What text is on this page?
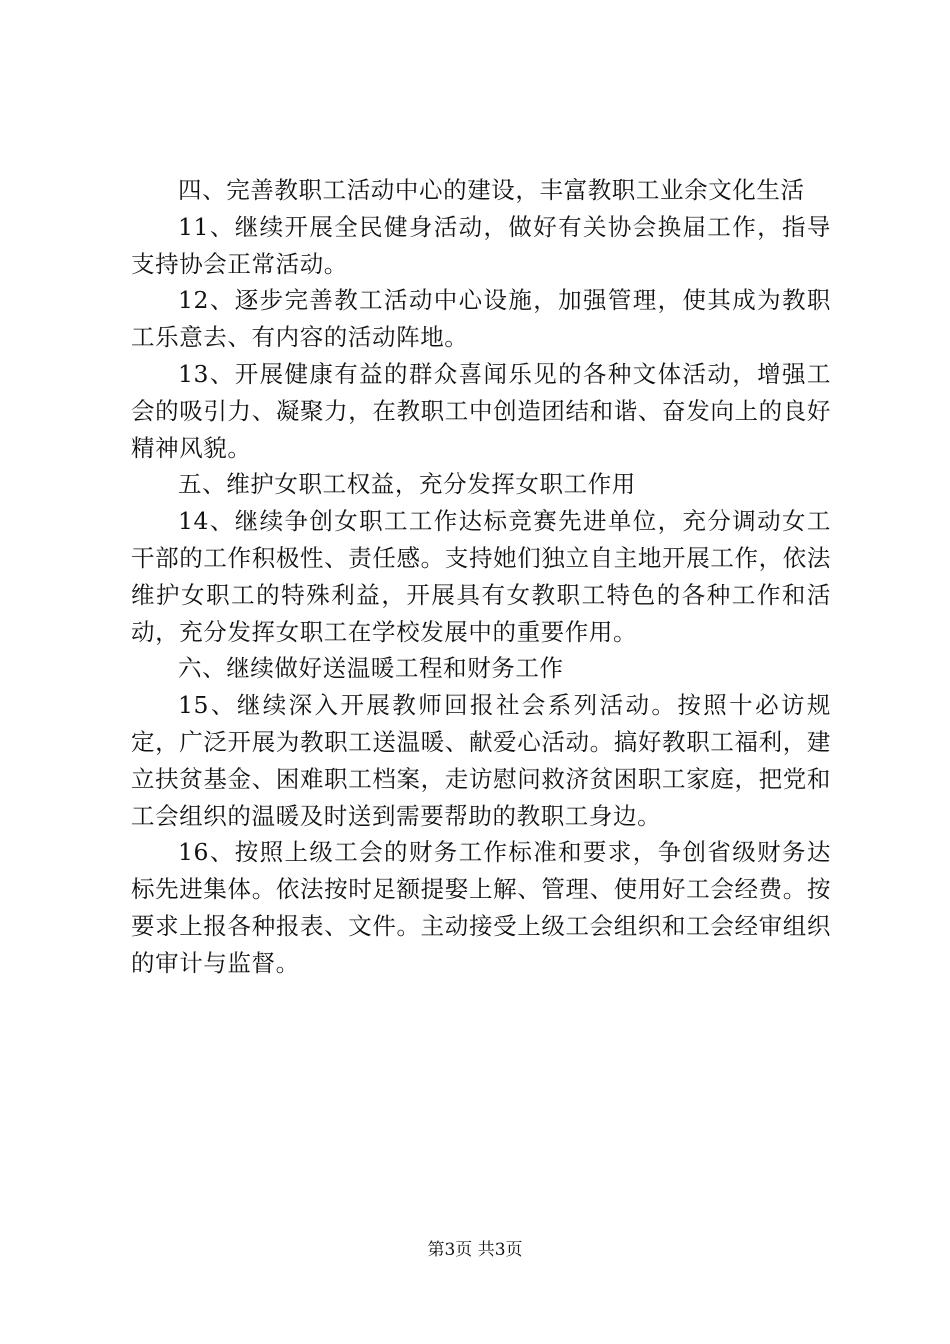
四、完善教职工活动中心的建设，丰富教职工业余文化生活

11、继续开展全民健身活动，做好有关协会换届工作，指导支持协会正常活动。

12、逐步完善教工活动中心设施，加强管理，使其成为教职工乐意去、有内容的活动阵地。

13、开展健康有益的群众喜闻乐见的各种文体活动，增强工会的吸引力、凝聚力，在教职工中创造团结和谐、奋发向上的良好精神风貌。

五、维护女职工权益，充分发挥女职工作用

14、继续争创女职工工作达标竞赛先进单位，充分调动女工干部的工作积极性、责任感。支持她们独立自主地开展工作，依法维护女职工的特殊利益，开展具有女教职工特色的各种工作和活动，充分发挥女职工在学校发展中的重要作用。

六、继续做好送温暖工程和财务工作

15、继续深入开展教师回报社会系列活动。按照十必访规定，广泛开展为教职工送温暖、献爱心活动。搞好教职工福利，建立扶贫基金、困难职工档案，走访慰问救济贫困职工家庭，把党和工会组织的温暖及时送到需要帮助的教职工身边。

16、按照上级工会的财务工作标准和要求，争创省级财务达标先进集体。依法按时足额提娶上解、管理、使用好工会经费。按要求上报各种报表、文件。主动接受上级工会组织和工会经审组织的审计与监督。

第3页 共3页
